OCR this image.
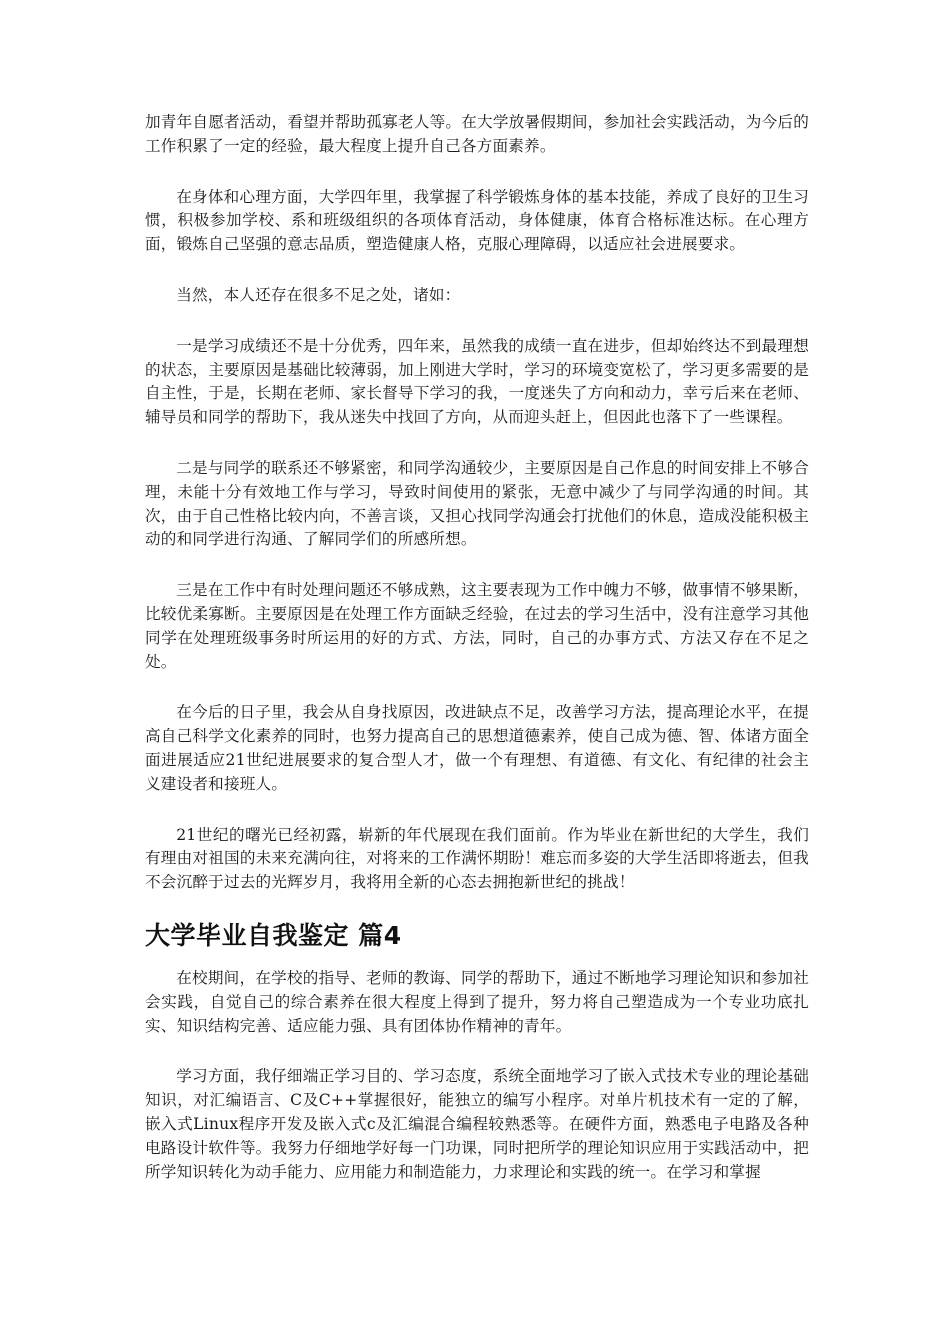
加青年自愿者活动，看望并帮助孤寡老人等。在大学放暑假期间，参加社会实践活动，为今后的工作积累了一定的经验，最大程度上提升自己各方面素养。

在身体和心理方面，大学四年里，我掌握了科学锻炼身体的基本技能，养成了良好的卫生习惯，积极参加学校、系和班级组织的各项体育活动，身体健康，体育合格标准达标。在心理方面，锻炼自己坚强的意志品质，塑造健康人格，克服心理障碍，以适应社会进展要求。

当然，本人还存在很多不足之处，诸如：

一是学习成绩还不是十分优秀，四年来，虽然我的成绩一直在进步，但却始终达不到最理想的状态，主要原因是基础比较薄弱，加上刚进大学时，学习的环境变宽松了，学习更多需要的是自主性，于是，长期在老师、家长督导下学习的我，一度迷失了方向和动力，幸亏后来在老师、辅导员和同学的帮助下，我从迷失中找回了方向，从而迎头赶上，但因此也落下了一些课程。

二是与同学的联系还不够紧密，和同学沟通较少，主要原因是自己作息的时间安排上不够合理，未能十分有效地工作与学习，导致时间使用的紧张，无意中减少了与同学沟通的时间。其次，由于自己性格比较内向，不善言谈，又担心找同学沟通会打扰他们的休息，造成没能积极主动的和同学进行沟通、了解同学们的所感所想。

三是在工作中有时处理问题还不够成熟，这主要表现为工作中魄力不够，做事情不够果断，比较优柔寡断。主要原因是在处理工作方面缺乏经验，在过去的学习生活中，没有注意学习其他同学在处理班级事务时所运用的好的方式、方法，同时，自己的办事方式、方法又存在不足之处。

在今后的日子里，我会从自身找原因，改进缺点不足，改善学习方法，提高理论水平，在提高自己科学文化素养的同时，也努力提高自己的思想道德素养，使自己成为德、智、体诸方面全面进展适应21世纪进展要求的复合型人才，做一个有理想、有道德、有文化、有纪律的社会主义建设者和接班人。

21世纪的曙光已经初露，崭新的年代展现在我们面前。作为毕业在新世纪的大学生，我们有理由对祖国的未来充满向往，对将来的工作满怀期盼！难忘而多姿的大学生活即将逝去，但我不会沉醉于过去的光辉岁月，我将用全新的心态去拥抱新世纪的挑战！

大学毕业自我鉴定 篇4

在校期间，在学校的指导、老师的教诲、同学的帮助下，通过不断地学习理论知识和参加社会实践，自觉自己的综合素养在很大程度上得到了提升，努力将自己塑造成为一个专业功底扎实、知识结构完善、适应能力强、具有团体协作精神的青年。

学习方面，我仔细端正学习目的、学习态度，系统全面地学习了嵌入式技术专业的理论基础知识，对汇编语言、C及C++掌握很好，能独立的编写小程序。对单片机技术有一定的了解，嵌入式Linux程序开发及嵌入式c及汇编混合编程较熟悉等。在硬件方面，熟悉电子电路及各种电路设计软件等。我努力仔细地学好每一门功课，同时把所学的理论知识应用于实践活动中，把所学知识转化为动手能力、应用能力和制造能力，力求理论和实践的统一。在学习和掌握
